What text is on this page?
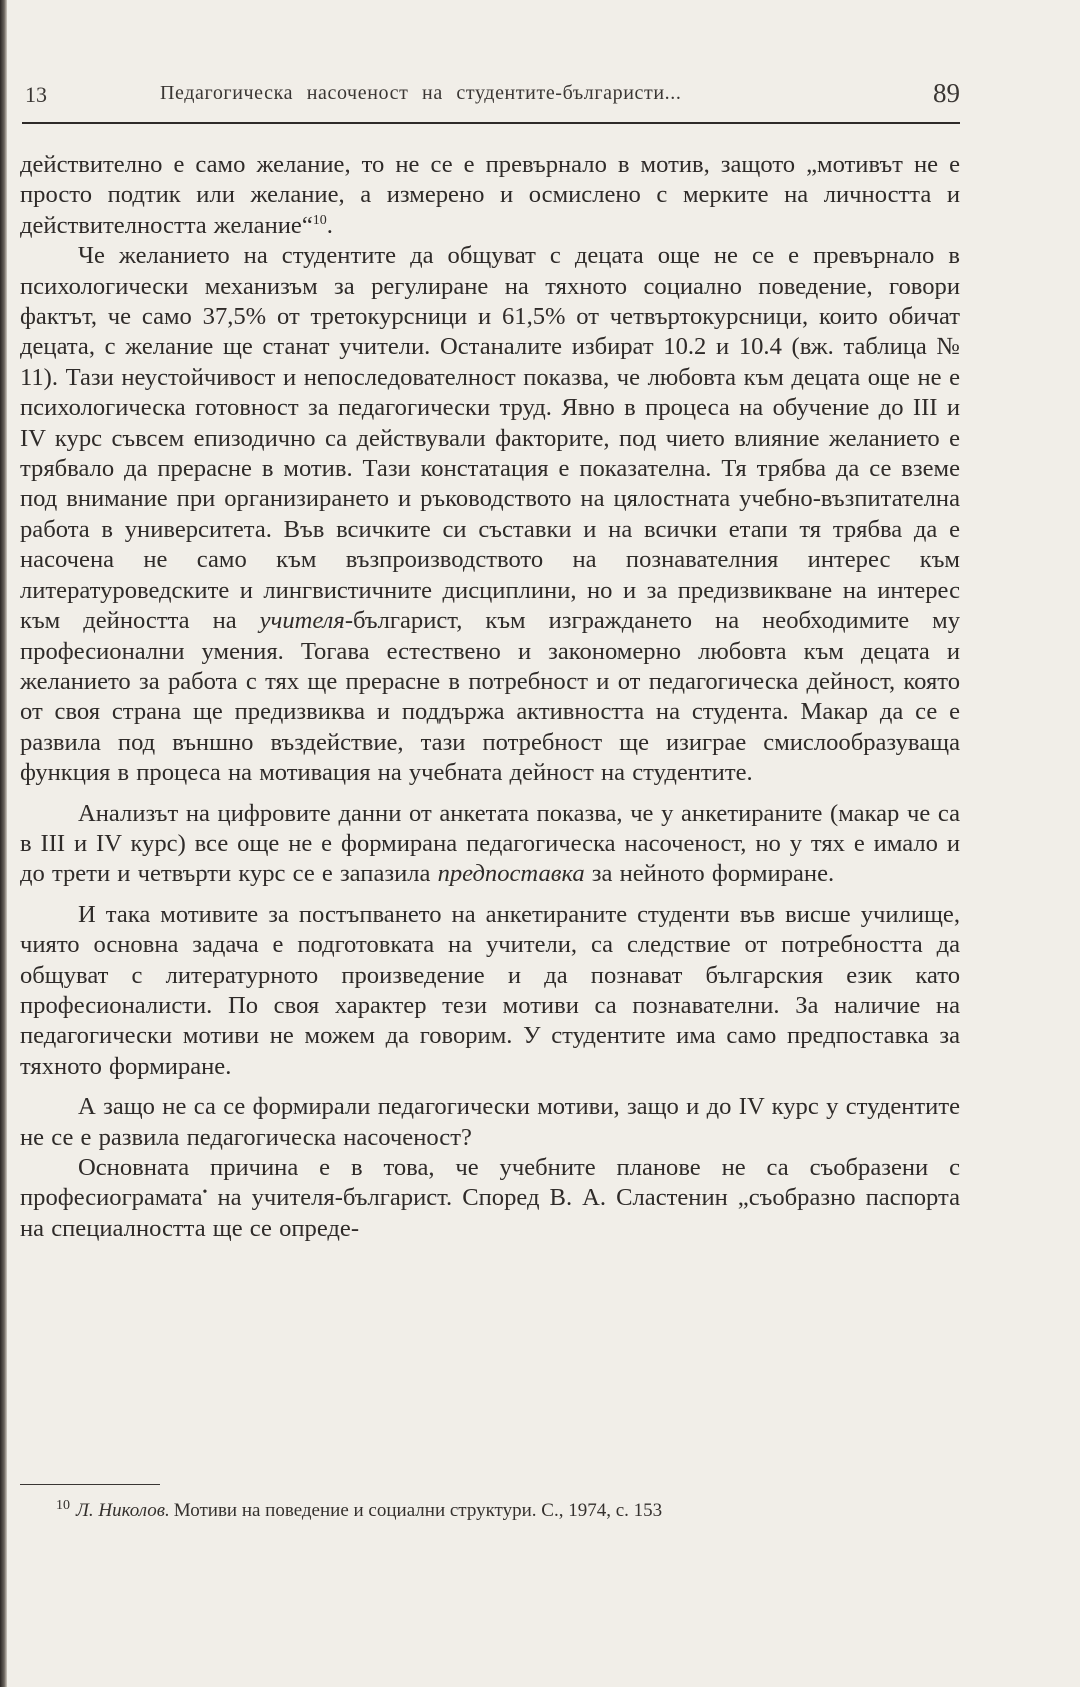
13	Педагогическа насоченост на студентите-българисти...	89

действително е само желание, то не се е превърнало в мотив, защото „мотивът не е просто подтик или желание, а измерено и осмислено с мерките на личността и действителността желание“$^{10}$.

Че желанието на студентите да общуват с децата още не се е превърнало в психологически механизъм за регулиране на тяхното социално поведение, говори фактът, че само 37,5% от третокурсници и 61,5% от четвъртокурсници, които обичат децата, с желание ще станат учители. Останалите избират 10.2 и 10.4 (вж. таблица № 11). Тази неустойчивост и непоследователност показва, че любовта към децата още не е психологическа готовност за педагогически труд. Явно в процеса на обучение до III и IV курс съвсем епизодично са действували факторите, под чието влияние желанието е трябвало да прерасне в мотив. Тази констатация е показателна. Тя трябва да се вземе под внимание при организирането и ръководството на цялостната учебно-възпитателна работа в университета. Във всичките си съставки и на всички етапи тя трябва да е насочена не само към възпроизводството на познавателния интерес към литературоведските и лингвистичните дисциплини, но и за предизвикване на интерес към дейността на учителя-българист, към изграждането на необходимите му професионални умения. Тогава естествено и закономерно любовта към децата и желанието за работа с тях ще прерасне в потребност и от педагогическа дейност, която от своя страна ще предизвиква и поддържа активността на студента. Макар да се е развила под външно въздействие, тази потребност ще изиграе смислообразуваща функция в процеса на мотивация на учебната дейност на студентите.

Анализът на цифровите данни от анкетата показва, че у анкетираните (макар че са в III и IV курс) все още не е формирана педагогическа насоченост, но у тях е имало и до трети и четвърти курс се е запазила предпоставка за нейното формиране.

И така мотивите за постъпването на анкетираните студенти във висше училище, чиято основна задача е подготовката на учители, са следствие от потребността да общуват с литературното произведение и да познават българския език като професионалисти. По своя характер тези мотиви са познавателни. За наличие на педагогически мотиви не можем да говорим. У студентите има само предпоставка за тяхното формиране.

А защо не са се формирали педагогически мотиви, защо и до IV курс у студентите не се е развила педагогическа насоченост?

Основната причина е в това, че учебните планове не са съобразени с професиограмата• на учителя-българист. Според В. А. Сластенин „съобразно паспорта на специалността ще се опреде-

$^{10}$ Л. Николов. Мотиви на поведение и социални структури. С., 1974, с. 153
